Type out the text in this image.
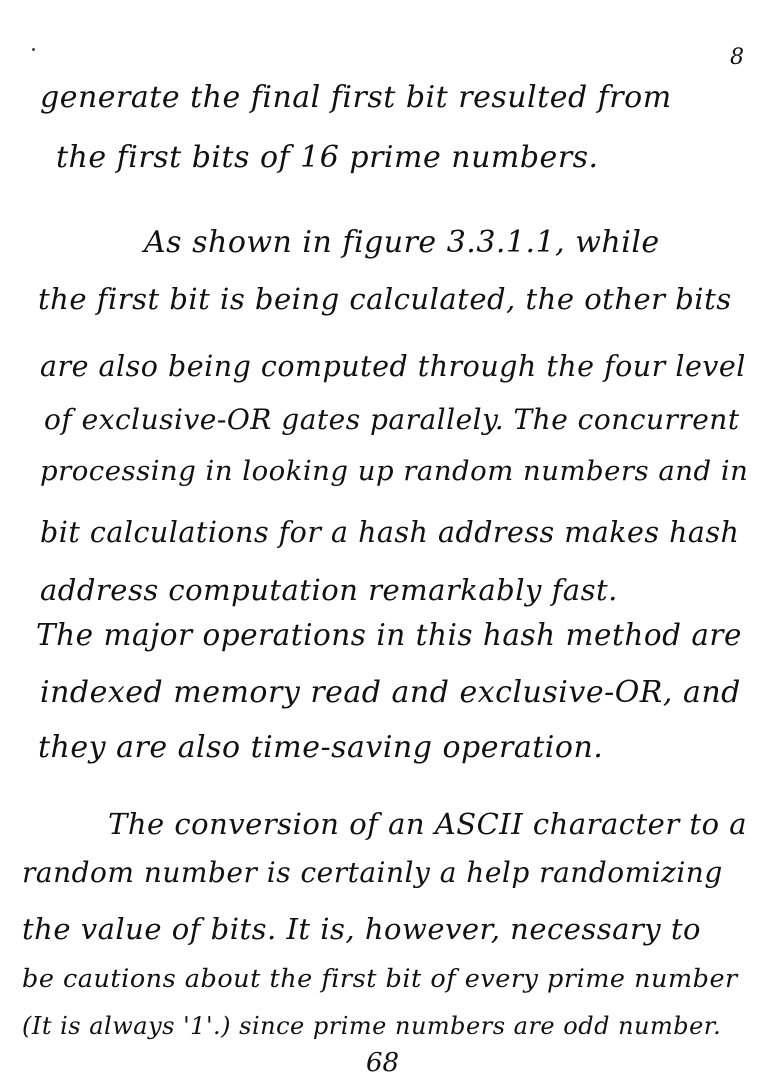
8
generate the final first bit resulted from
the first bits of 16 prime numbers.
As shown in figure 3.3.1.1, while
the first bit is being calculated, the other bits
are also being computed through the four level
of exclusive-OR gates parallely. The concurrent
processing in looking up random numbers and in
bit calculations for a hash address makes hash
address computation remarkably fast.
The major operations in this hash method are
indexed memory read and exclusive-OR, and
they are also time-saving operation.
The conversion of an ASCII character to a
random number is certainly a help randomizing
the value of bits. It is, however, necessary to
be cautions about the first bit of every prime number
(It is always '1'.) since prime numbers are odd number.
68
